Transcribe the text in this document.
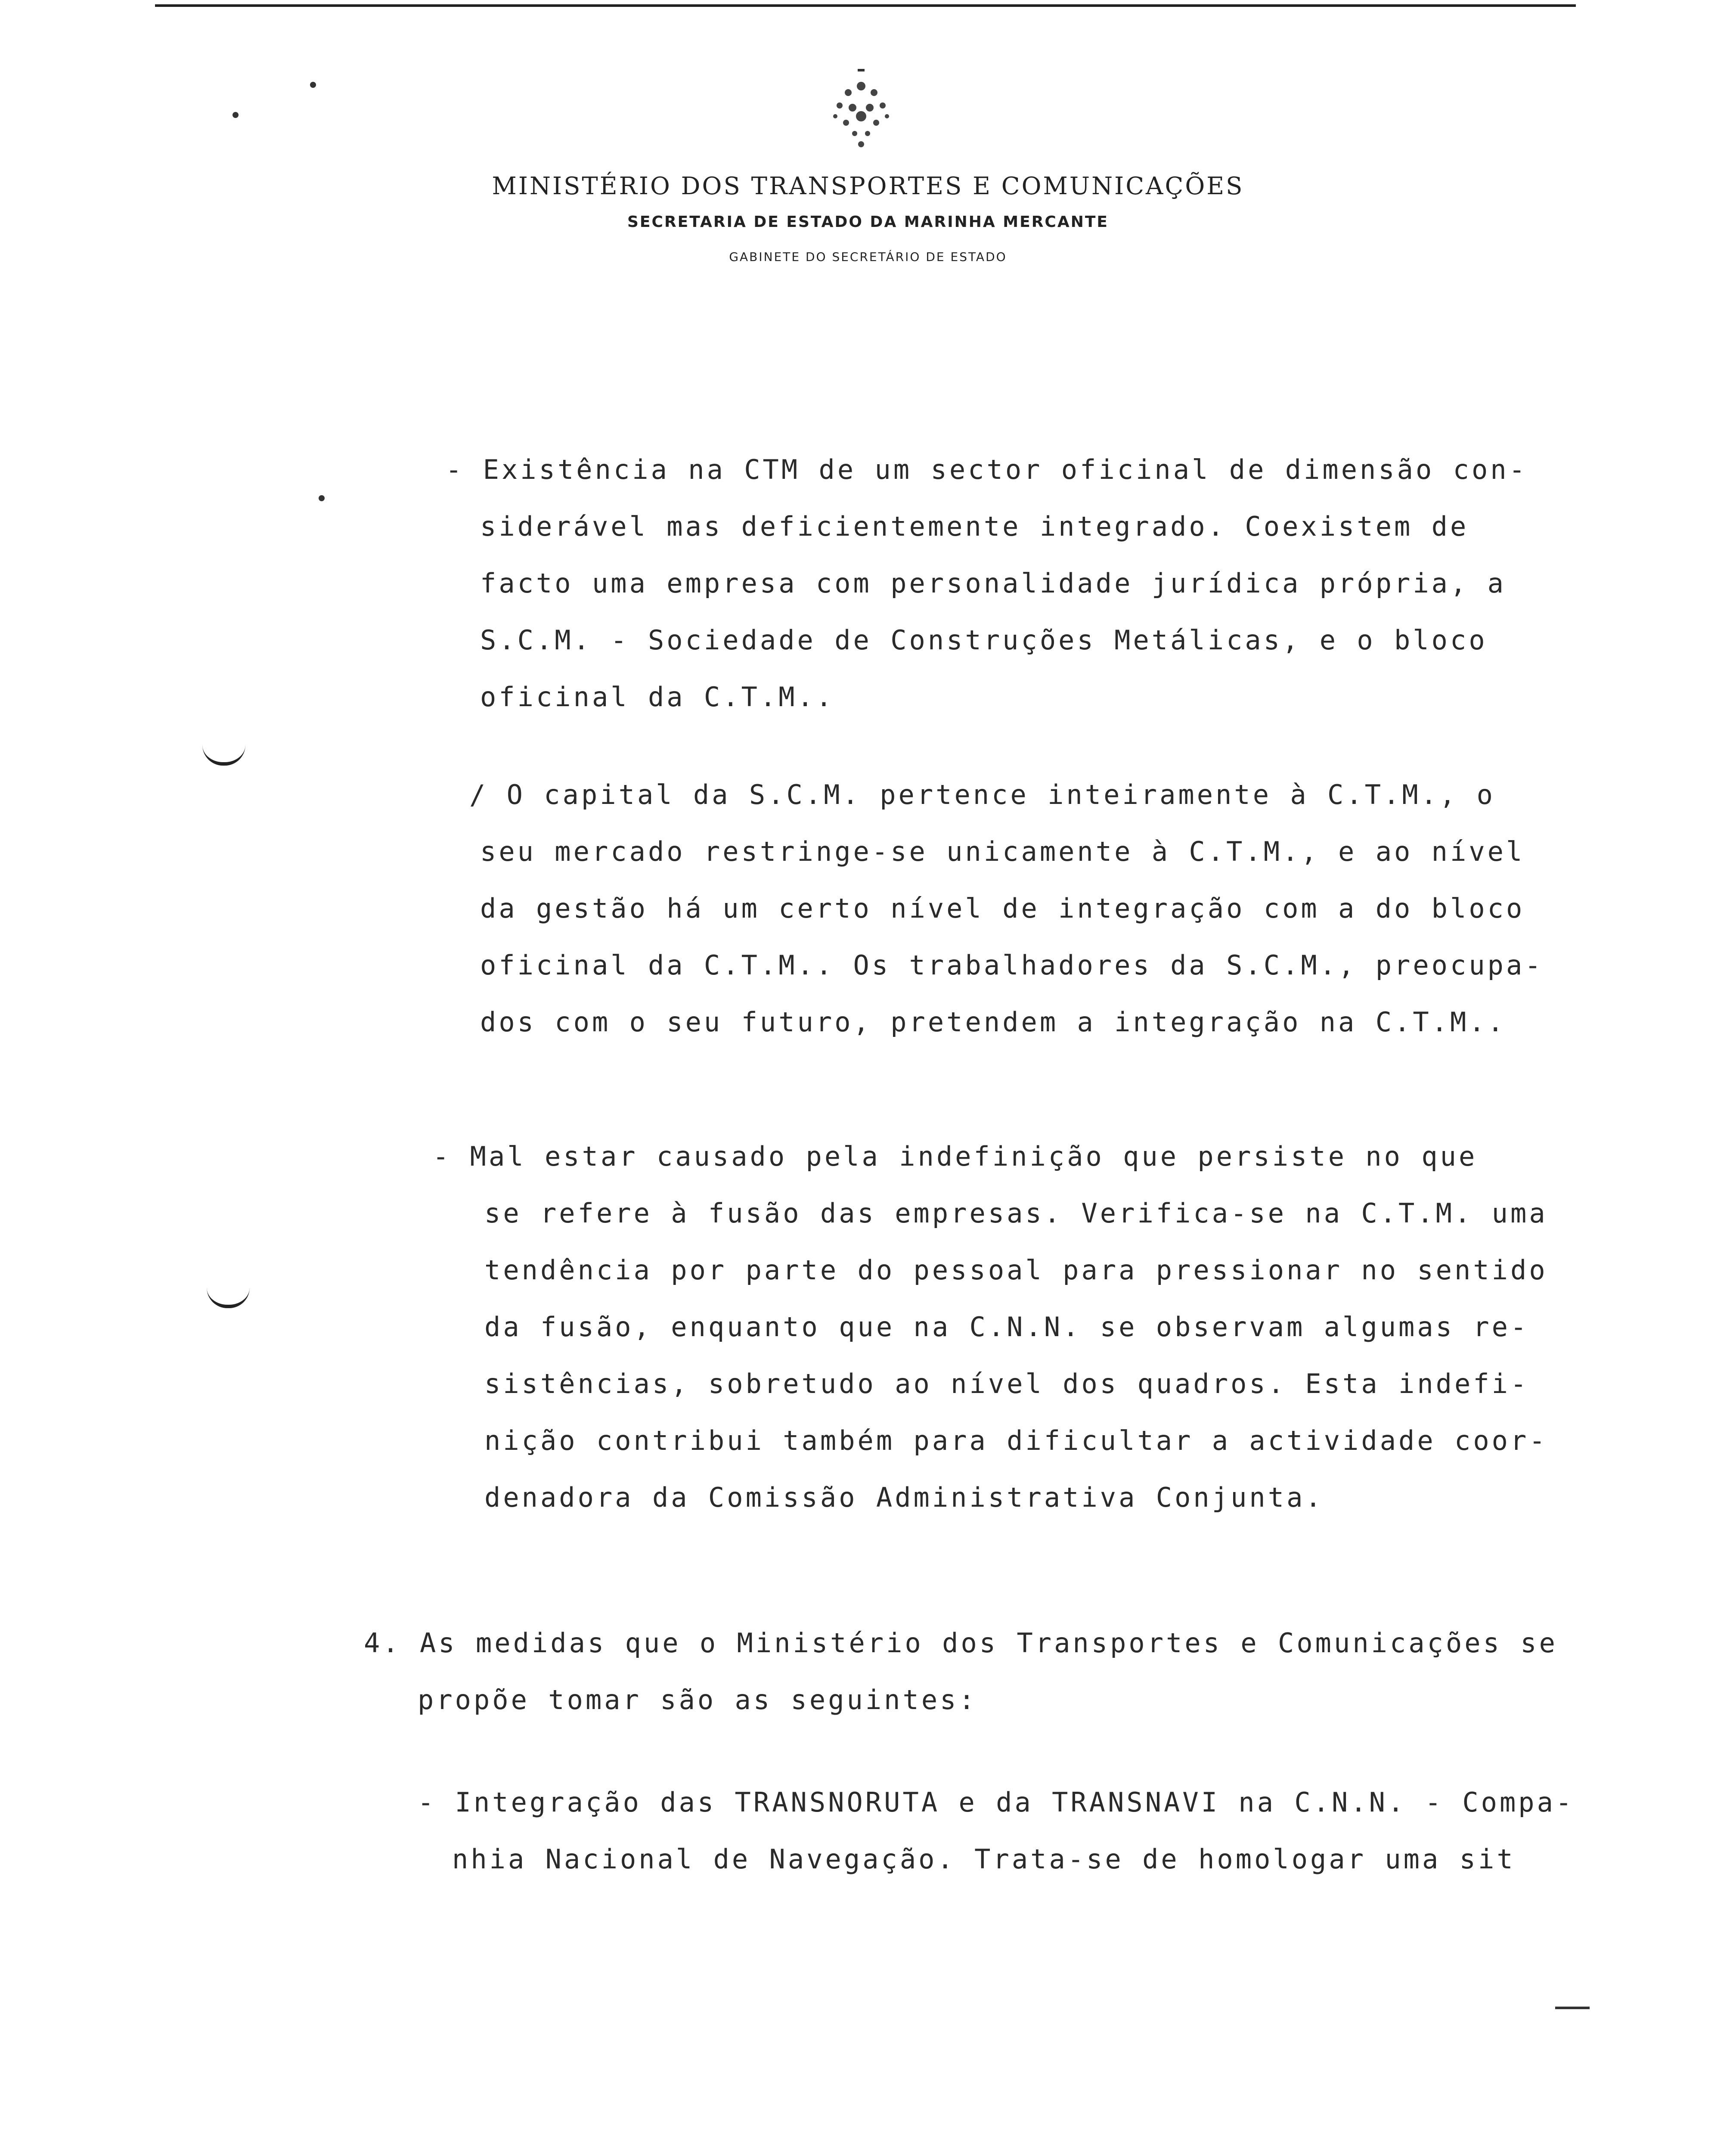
MINISTÉRIO DOS TRANSPORTES E COMUNICAÇÕES
SECRETARIA DE ESTADO DA MARINHA MERCANTE
GABINETE DO SECRETÁRIO DE ESTADO
- Existência na CTM de um sector oficinal de dimensão con-
siderável mas deficientemente integrado. Coexistem de
facto uma empresa com personalidade jurídica própria, a
S.C.M. - Sociedade de Construções Metálicas, e o bloco
oficinal da C.T.M..
/ O capital da S.C.M. pertence inteiramente à C.T.M., o
seu mercado restringe-se unicamente à C.T.M., e ao nível
da gestão há um certo nível de integração com a do bloco
oficinal da C.T.M.. Os trabalhadores da S.C.M., preocupa-
dos com o seu futuro, pretendem a integração na C.T.M..
- Mal estar causado pela indefinição que persiste no que
se refere à fusão das empresas. Verifica-se na C.T.M. uma
tendência por parte do pessoal para pressionar no sentido
da fusão, enquanto que na C.N.N. se observam algumas re-
sistências, sobretudo ao nível dos quadros. Esta indefi-
nição contribui também para dificultar a actividade coor-
denadora da Comissão Administrativa Conjunta.
4. As medidas que o Ministério dos Transportes e Comunicações se
propõe tomar são as seguintes:
- Integração das TRANSNORUTA e da TRANSNAVI na C.N.N. - Compa-
nhia Nacional de Navegação. Trata-se de homologar uma sit
